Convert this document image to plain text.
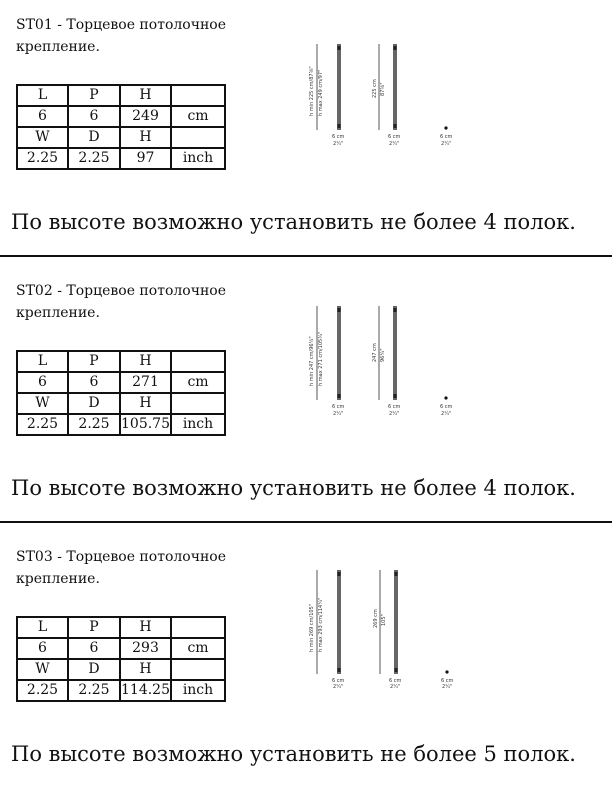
ST01 - Торцевое потолочное крепление.

L	P	H	
6	6	249	cm
W	D	H	
2.25	2.25	97	inch
h min 225 cm/87⅝" h max 249 cm/97"
6 cm
2¼"
225 cm 87⅝"
6 cm
2¼"
6 cm
2¼"

По высоте возможно установить не более 4 полок.

ST02 - Торцевое потолочное крепление.

L	P	H	
6	6	271	cm
W	D	H	
2.25	2.25	105.75	inch
h min 247 cm/96¼" h max 271 cm/105¾"
6 cm
2¼"
247 cm 96¼"
6 cm
2¼"
6 cm
2¼"

По высоте возможно установить не более 4 полок.

ST03 - Торцевое потолочное крепление.

L	P	H	
6	6	293	cm
W	D	H	
2.25	2.25	114.25	inch
h min 269 cm/105" h max 293 cm/114¼"
6 cm
2¼"
269 cm 105"
6 cm
2¼"
6 cm
2¼"

По высоте возможно установить не более 5 полок.
